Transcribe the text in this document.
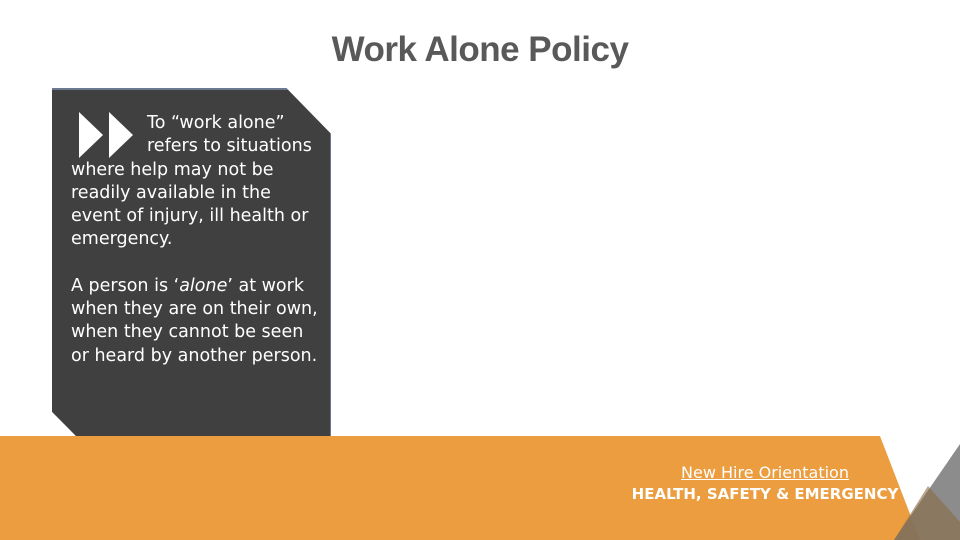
Work Alone Policy
To “work alone” refers to situations where help may not be readily available in the event of injury, ill health or emergency.
A person is ‘alone’ at work when they are on their own, when they cannot be seen or heard by another person.
New Hire Orientation
HEALTH, SAFETY & EMERGENCY
